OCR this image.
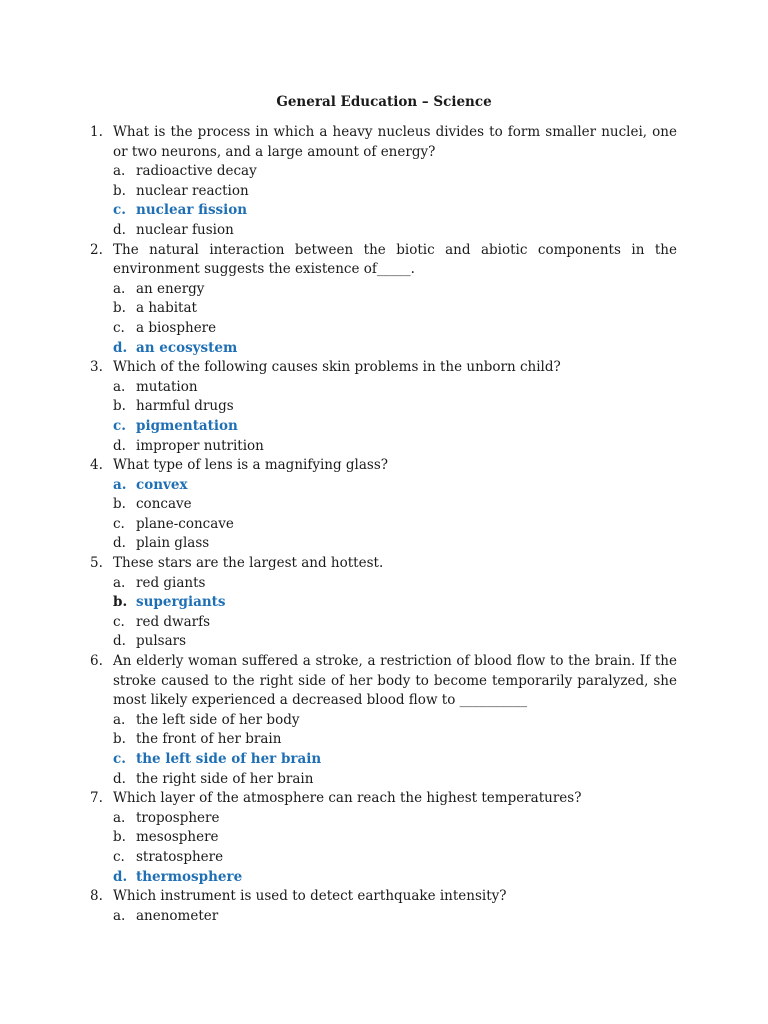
General Education – Science
1. What is the process in which a heavy nucleus divides to form smaller nuclei, one or two neurons, and a large amount of energy?
a. radioactive decay
b. nuclear reaction
c. nuclear fission
d. nuclear fusion
2. The natural interaction between the biotic and abiotic components in the environment suggests the existence of_____.
a. an energy
b. a habitat
c. a biosphere
d. an ecosystem
3. Which of the following causes skin problems in the unborn child?
a. mutation
b. harmful drugs
c. pigmentation
d. improper nutrition
4. What type of lens is a magnifying glass?
a. convex
b. concave
c. plane-concave
d. plain glass
5. These stars are the largest and hottest.
a. red giants
b. supergiants
c. red dwarfs
d. pulsars
6. An elderly woman suffered a stroke, a restriction of blood flow to the brain. If the stroke caused to the right side of her body to become temporarily paralyzed, she most likely experienced a decreased blood flow to __________
a. the left side of her body
b. the front of her brain
c. the left side of her brain
d. the right side of her brain
7. Which layer of the atmosphere can reach the highest temperatures?
a. troposphere
b. mesosphere
c. stratosphere
d. thermosphere
8. Which instrument is used to detect earthquake intensity?
a. anenometer
